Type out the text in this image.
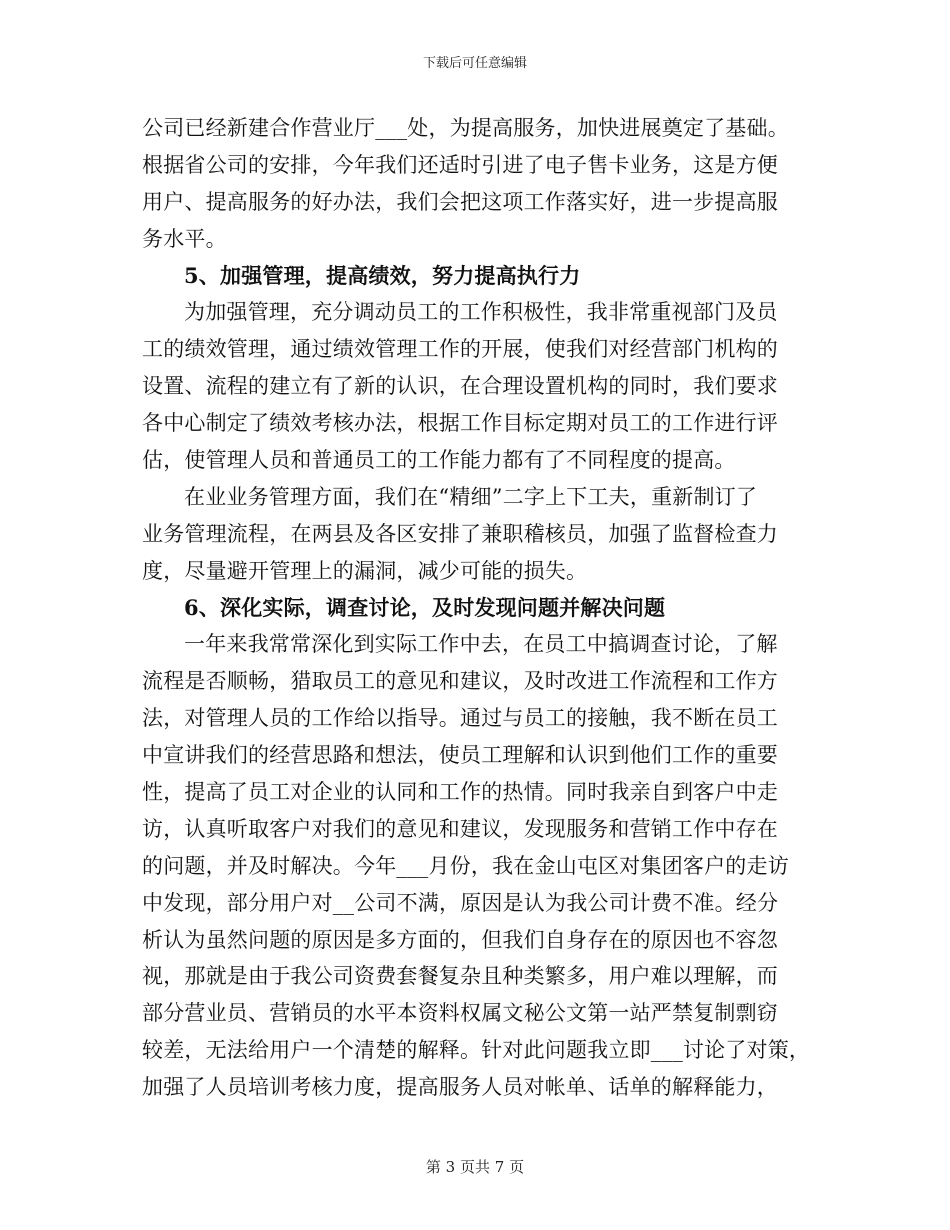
下载后可任意编辑
公司已经新建合作营业厅___处，为提高服务，加快进展奠定了基础。
根据省公司的安排，今年我们还适时引进了电子售卡业务，这是方便
用户、提高服务的好办法，我们会把这项工作落实好，进一步提高服
务水平。
5、加强管理，提高绩效，努力提高执行力
为加强管理，充分调动员工的工作积极性，我非常重视部门及员
工的绩效管理，通过绩效管理工作的开展，使我们对经营部门机构的
设置、流程的建立有了新的认识，在合理设置机构的同时，我们要求
各中心制定了绩效考核办法，根据工作目标定期对员工的工作进行评
估，使管理人员和普通员工的工作能力都有了不同程度的提高。
在业业务管理方面，我们在“精细”二字上下工夫，重新制订了
业务管理流程，在两县及各区安排了兼职稽核员，加强了监督检查力
度，尽量避开管理上的漏洞，减少可能的损失。
6、深化实际，调查讨论，及时发现问题并解决问题
一年来我常常深化到实际工作中去，在员工中搞调查讨论，了解
流程是否顺畅，猎取员工的意见和建议，及时改进工作流程和工作方
法，对管理人员的工作给以指导。通过与员工的接触，我不断在员工
中宣讲我们的经营思路和想法，使员工理解和认识到他们工作的重要
性，提高了员工对企业的认同和工作的热情。同时我亲自到客户中走
访，认真听取客户对我们的意见和建议，发现服务和营销工作中存在
的问题，并及时解决。今年___月份，我在金山屯区对集团客户的走访
中发现，部分用户对__公司不满，原因是认为我公司计费不准。经分
析认为虽然问题的原因是多方面的，但我们自身存在的原因也不容忽
视，那就是由于我公司资费套餐复杂且种类繁多，用户难以理解，而
部分营业员、营销员的水平本资料权属文秘公文第一站严禁复制剽窃
较差，无法给用户一个清楚的解释。针对此问题我立即___讨论了对策，
加强了人员培训考核力度，提高服务人员对帐单、话单的解释能力，
第 3 页共 7 页
